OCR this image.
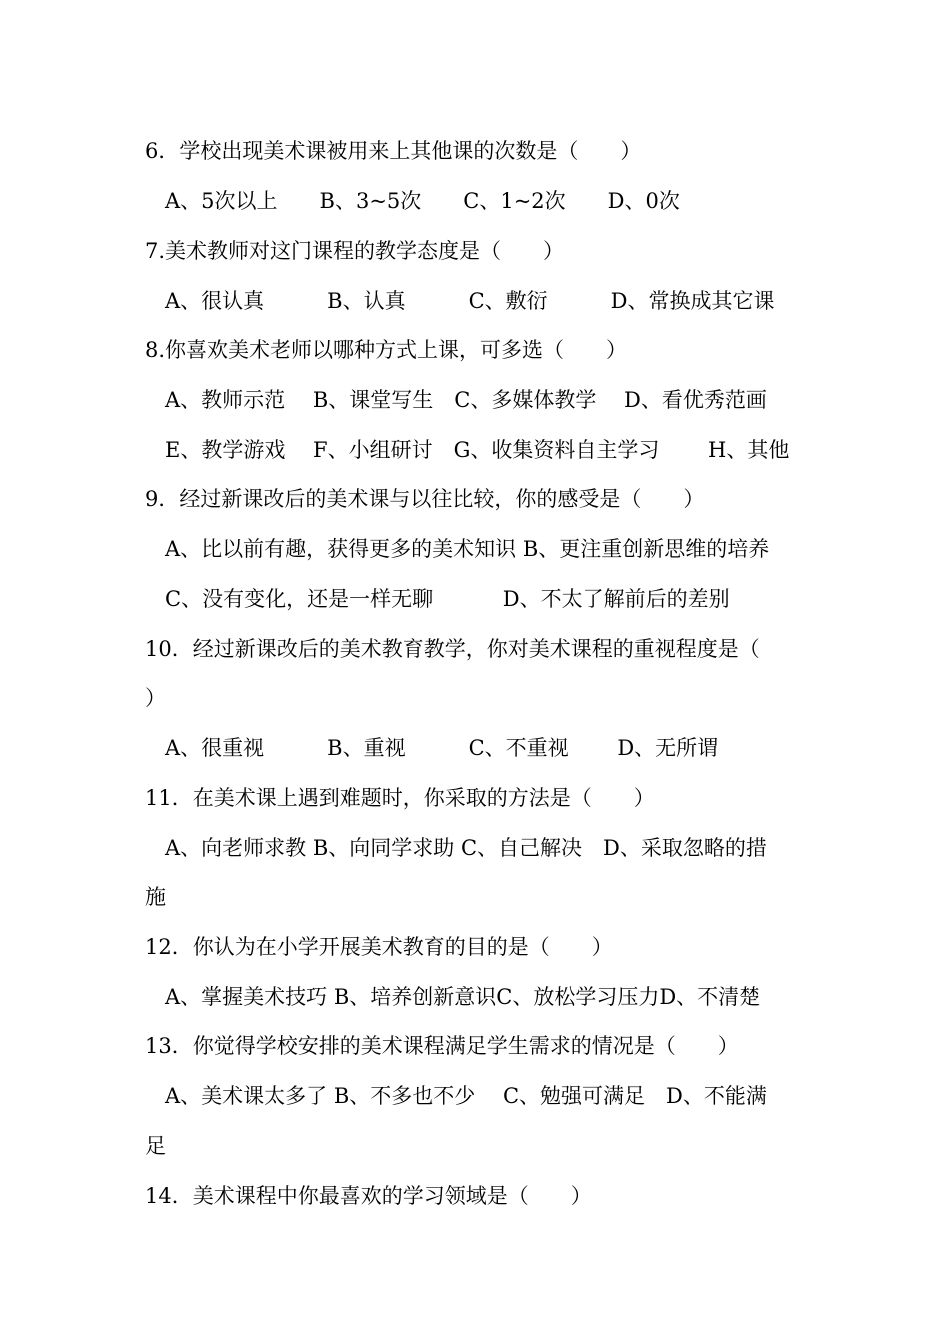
6．学校出现美术课被用来上其他课的次数是（　　）
A、5次以上　　B、3~5次　　C、1~2次　　D、0次
7.美术教师对这门课程的教学态度是（　　）
A、很认真　　　B、认真　　　C、敷衍　　　D、常换成其它课
8.你喜欢美术老师以哪种方式上课，可多选（　　）
A、教师示范　 B、课堂写生　C、多媒体教学　 D、看优秀范画
E、教学游戏　 F、小组研讨　G、收集资料自主学习　　 H、其他
9．经过新课改后的美术课与以往比较，你的感受是（　　）
A、比以前有趣，获得更多的美术知识 B、更注重创新思维的培养
C、没有变化，还是一样无聊　　　 D、不太了解前后的差别
10．经过新课改后的美术教育教学，你对美术课程的重视程度是（
）
A、很重视　　　B、重视　　　C、不重视　　 D、无所谓
11．在美术课上遇到难题时，你采取的方法是（　　）
A、向老师求教 B、向同学求助 C、自己解决　D、采取忽略的措
施
12．你认为在小学开展美术教育的目的是（　　）
A、掌握美术技巧 B、培养创新意识C、放松学习压力D、不清楚
13．你觉得学校安排的美术课程满足学生需求的情况是（　　）
A、美术课太多了 B、不多也不少　 C、勉强可满足　D、不能满
足
14．美术课程中你最喜欢的学习领域是（　　）
